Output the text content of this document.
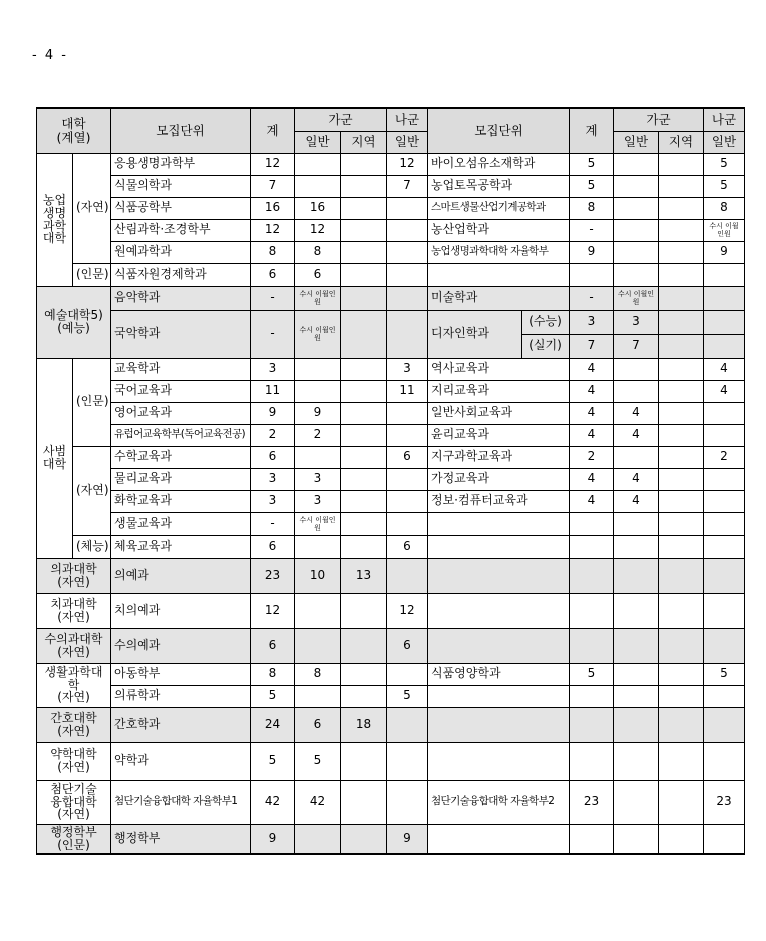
- 4 -
대학
(계열)		모집단위	계	가군		나군	모집단위		계	가군		나군
				일반	지역	일반				일반	지역	일반
농업
생명
과학
대학	(자연)	응용생명과학부	12			12	바이오섬유소재학과		5			5
		식물의학과	7			7	농업토목공학과		5			5
		식품공학부	16	16			스마트생물산업기계공학과		8			8
		산림과학·조경학부	12	12			농산업학과		-			수시 이월인원
		원예과학과	8	8			농업생명과학대학 자율학부		9			9
	(인문)	식품자원경제학과	6	6								
예술대학5)
(예능)		음악학과	-	수시 이월인원			미술학과		-	수시 이월인원		
		국악학과	-	수시 이월인원			디자인학과	(수능)	3	3		
								(실기)	7	7		
사범
대학	(인문)	교육학과	3			3	역사교육과		4			4
		국어교육과	11			11	지리교육과		4			4
		영어교육과	9	9			일반사회교육과		4	4		
		유럽어교육학부(독어교육전공)	2	2			윤리교육과		4	4		
	(자연)	수학교육과	6			6	지구과학교육과		2			2
		물리교육과	3	3			가정교육과		4	4		
		화학교육과	3	3			정보·컴퓨터교육과		4	4		
		생물교육과	-	수시 이월인원								
	(체능)	체육교육과	6			6						
의과대학
(자연)		의예과	23	10	13							
치과대학
(자연)		치의예과	12			12						
수의과대학
(자연)		수의예과	6			6						
생활과학대학
(자연)		아동학부	8	8			식품영양학과		5			5
		의류학과	5			5						
간호대학
(자연)		간호학과	24	6	18							
약학대학
(자연)		약학과	5	5								
첨단기술
융합대학
(자연)		첨단기술융합대학 자율학부1	42	42			첨단기술융합대학 자율학부2		23			23
행정학부
(인문)		행정학부	9			9						
